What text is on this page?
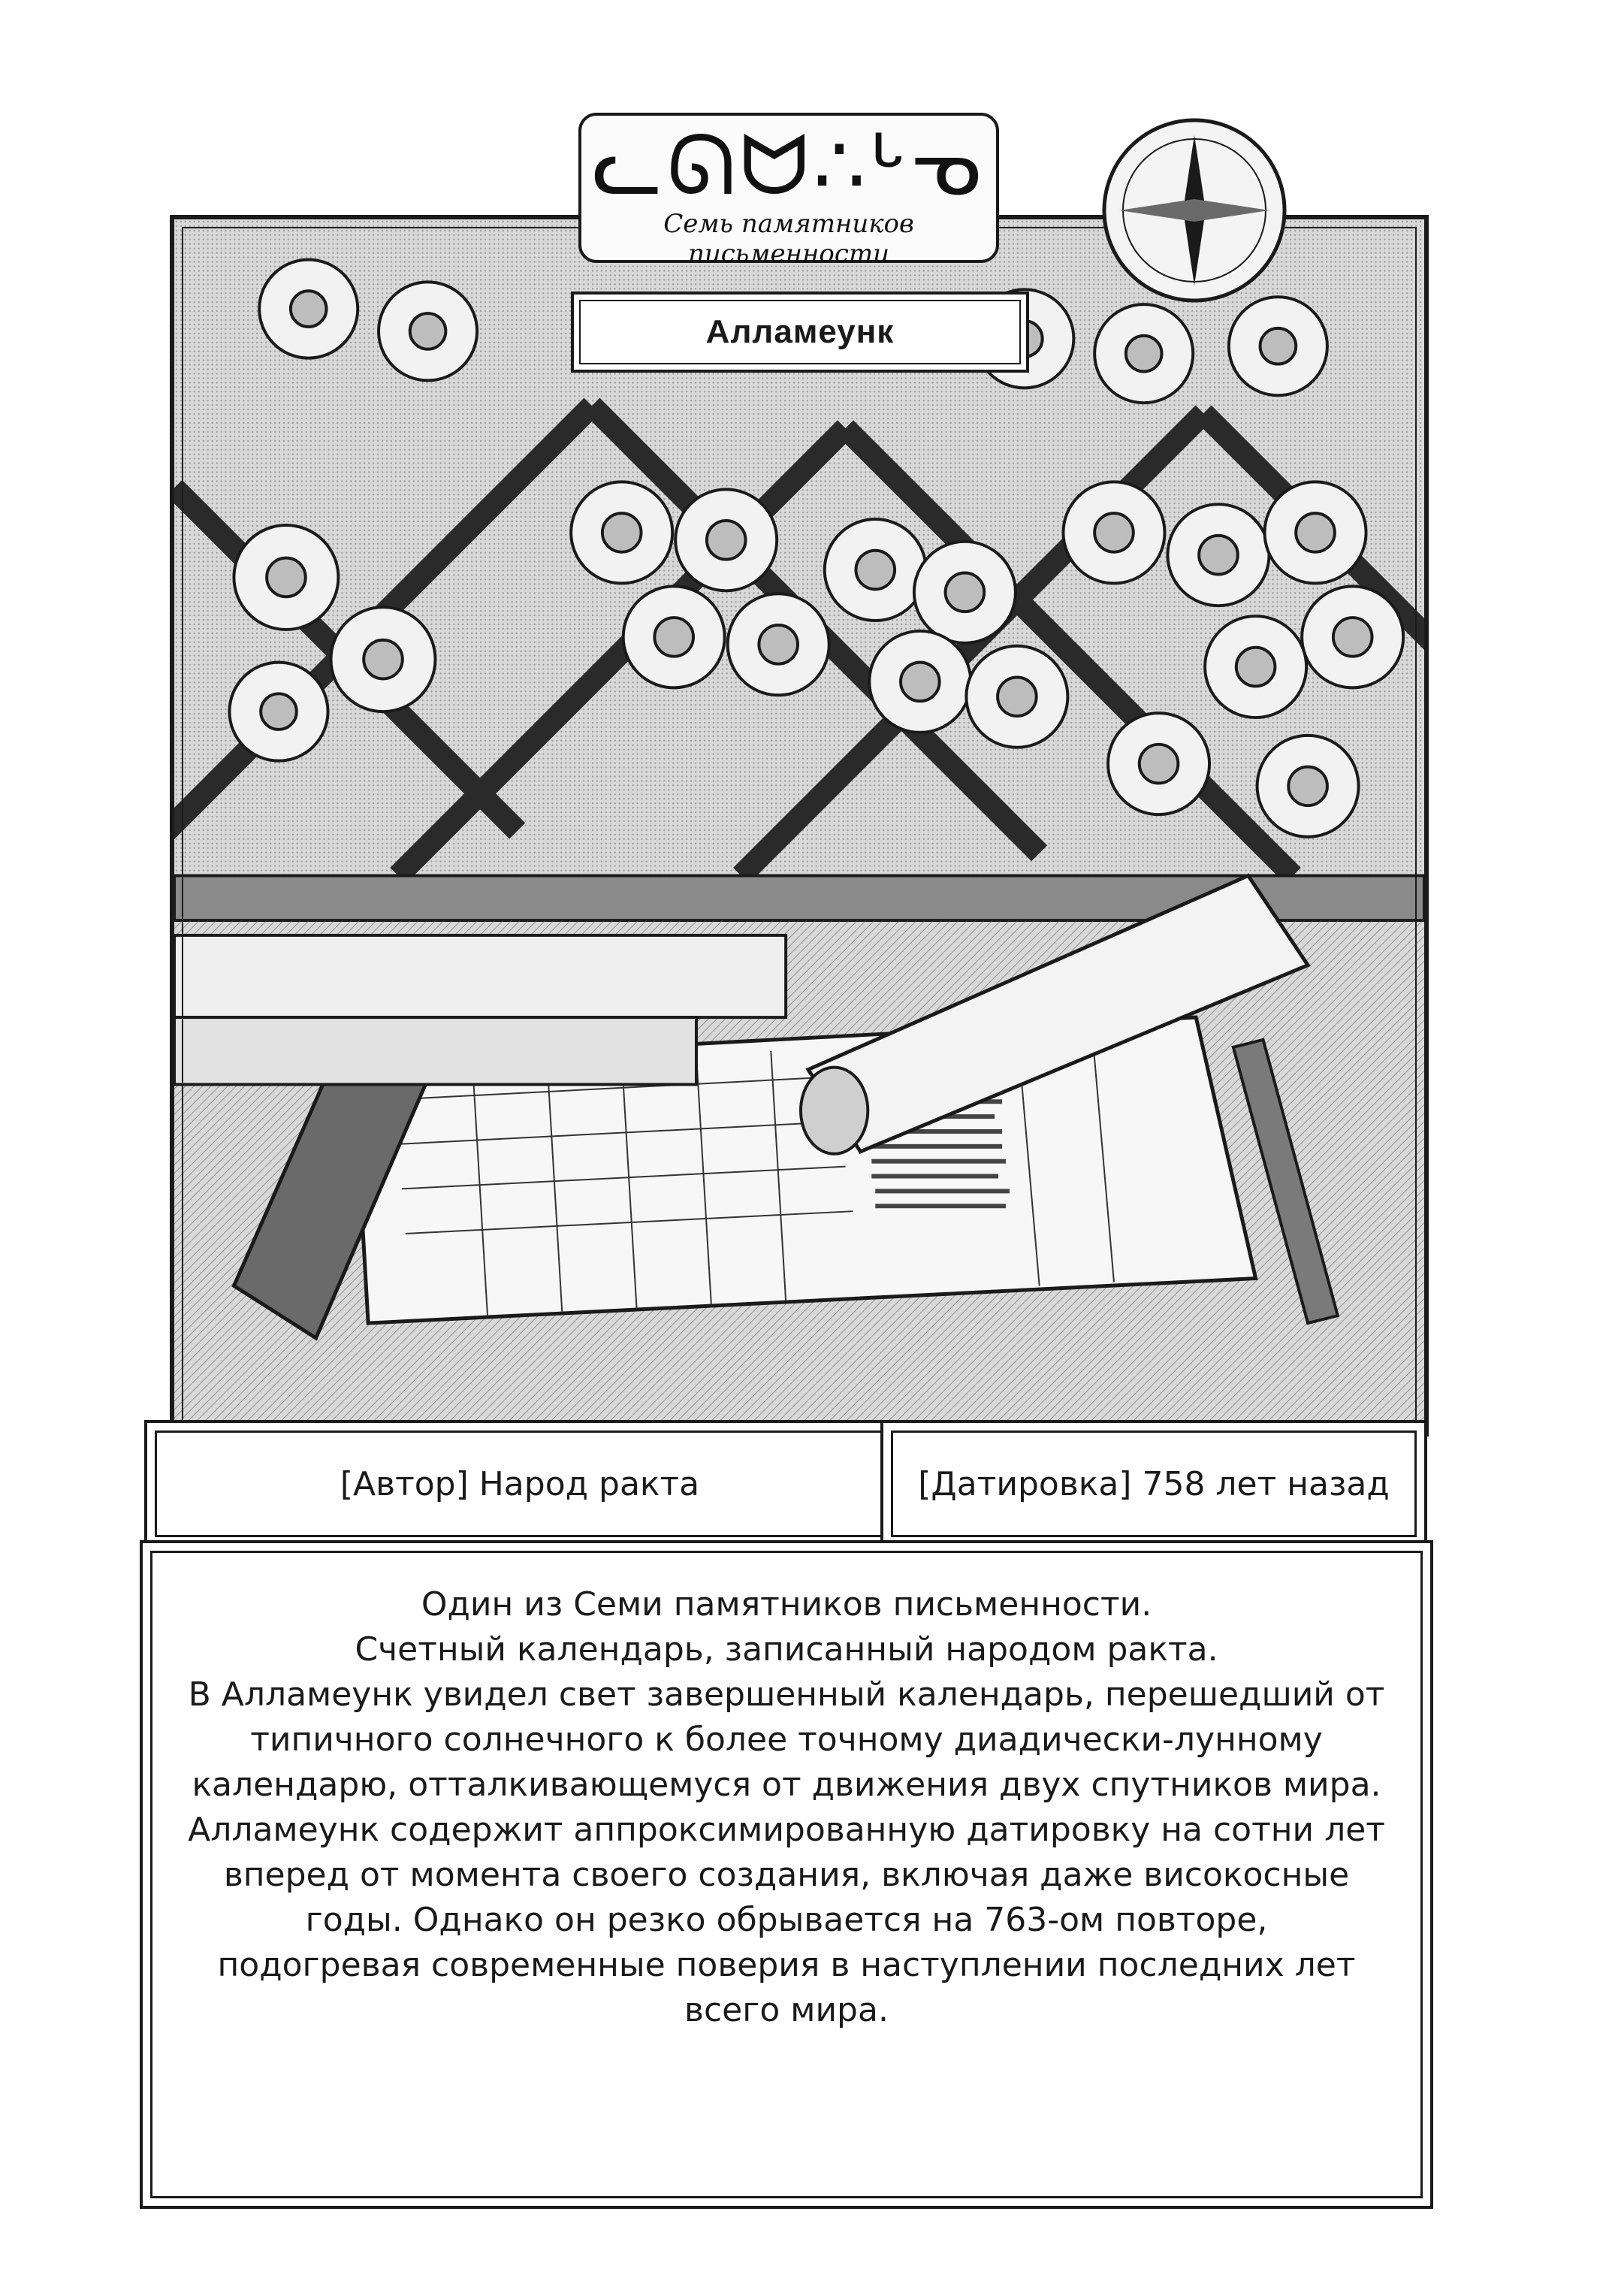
ᓚᘏᗢ∴ᒡᓀ
Семь памятников письменности
Алламеунк
[Автор] Народ ракта	[Датировка] 758 лет назад
Один из Семи памятников письменности.
Счетный календарь, записанный народом ракта.
В Алламеунк увидел свет завершенный календарь, перешедший от
типичного солнечного к более точному диадически-лунному
календарю, отталкивающемуся от движения двух спутников мира.
Алламеунк содержит аппроксимированную датировку на сотни лет
вперед от момента своего создания, включая даже високосные
годы. Однако он резко обрывается на 763-ом повторе,
подогревая современные поверия в наступлении последних лет
всего мира.
